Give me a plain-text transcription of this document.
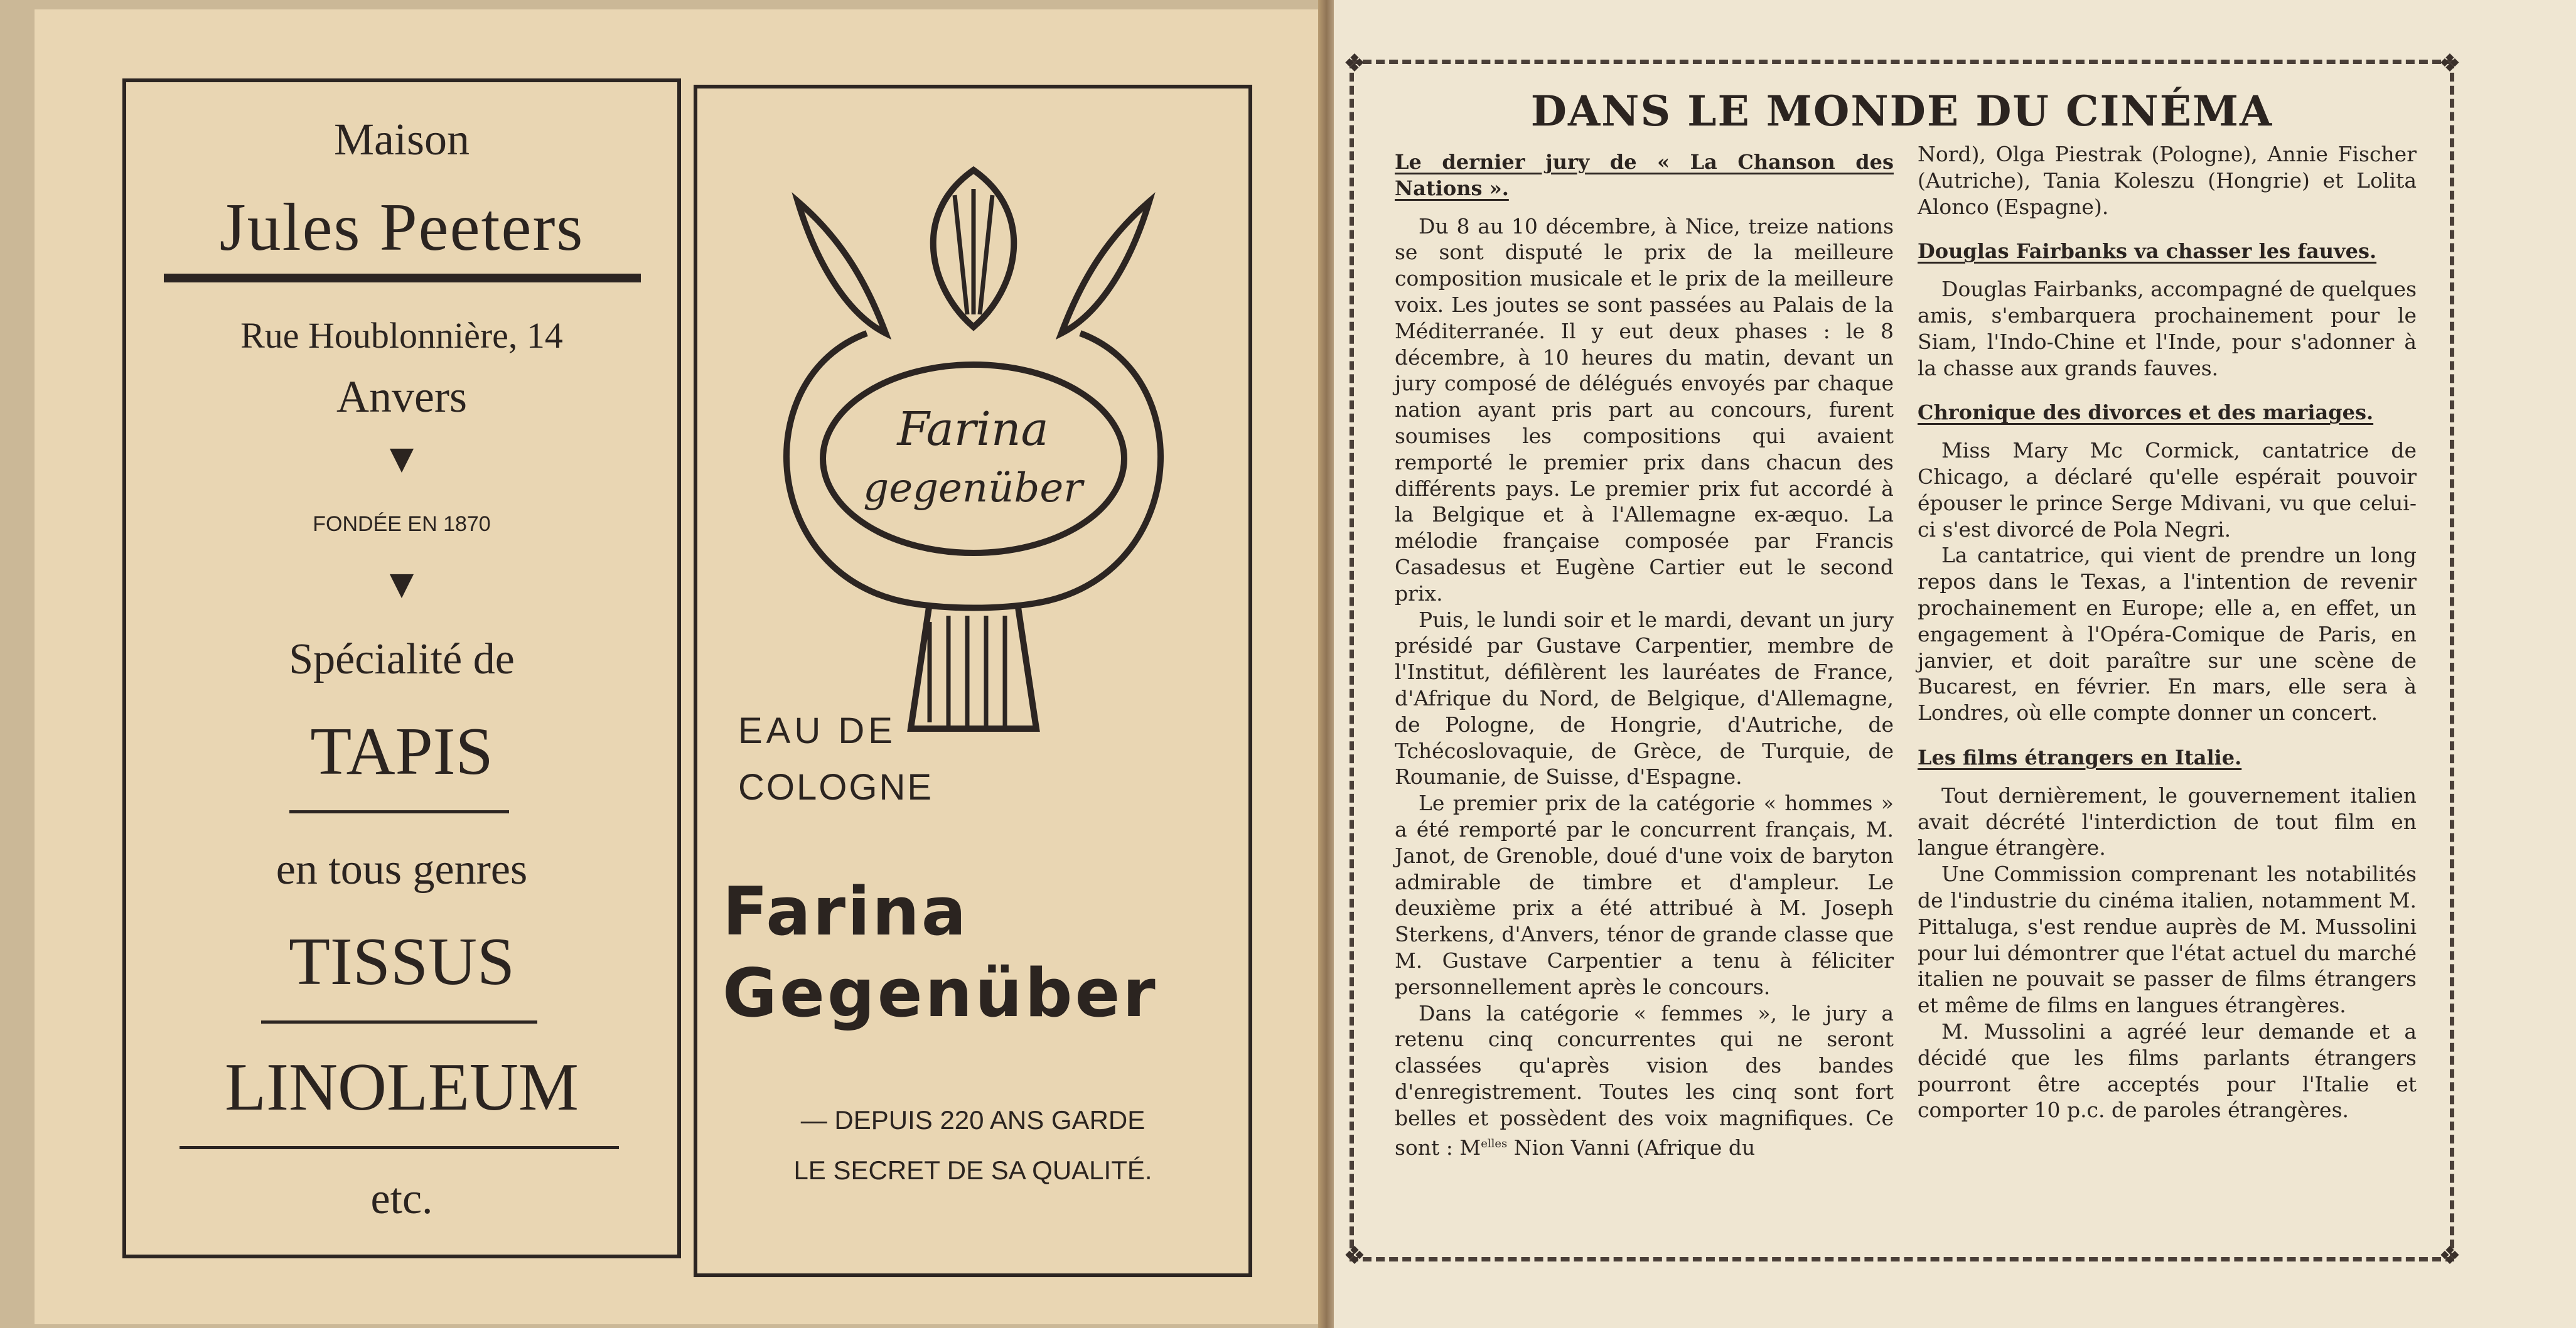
Maison
Jules Peeters
Rue Houblonnière, 14
Anvers
▼
FONDÉE EN 1870
▼
Spécialité de
TAPIS
en tous genres
TISSUS
LINOLEUM
etc.
Farina
gegenüber
EAU DE
COLOGNE
Farina
Gegenüber
— DEPUIS 220 ANS GARDE
LE SECRET DE SA QUALITÉ.
❖	❖
❖	❖
DANS LE MONDE DU CINÉMA
Le dernier jury de « La Chanson des Nations ».

Du 8 au 10 décembre, à Nice, treize nations se sont disputé le prix de la meilleure composition musicale et le prix de la meilleure voix. Les joutes se sont passées au Palais de la Méditerranée. Il y eut deux phases : le 8 décembre, à 10 heures du matin, devant un jury composé de délégués envoyés par chaque nation ayant pris part au concours, furent soumises les compositions qui avaient remporté le premier prix dans chacun des différents pays. Le premier prix fut accordé à la Belgique et à l'Allemagne ex-æquo. La mélodie française composée par Francis Casadesus et Eugène Cartier eut le second prix.

Puis, le lundi soir et le mardi, devant un jury présidé par Gustave Carpentier, membre de l'Institut, défilèrent les lauréates de France, d'Afrique du Nord, de Belgique, d'Allemagne, de Pologne, de Hongrie, d'Autriche, de Tchécoslovaquie, de Grèce, de Turquie, de Roumanie, de Suisse, d'Espagne.

Le premier prix de la catégorie « hommes » a été remporté par le concurrent français, M. Janot, de Grenoble, doué d'une voix de baryton admirable de timbre et d'ampleur. Le deuxième prix a été attribué à M. Joseph Sterkens, d'Anvers, ténor de grande classe que M. Gustave Carpentier a tenu à féliciter personnellement après le concours.

Dans la catégorie « femmes », le jury a retenu cinq concurrentes qui ne seront classées qu'après vision des bandes d'enregistrement. Toutes les cinq sont fort belles et possèdent des voix magnifiques. Ce sont : $M^{elles}$ Nion Vanni (Afrique du

Nord), Olga Piestrak (Pologne), Annie Fischer (Autriche), Tania Koleszu (Hongrie) et Lolita Alonco (Espagne).

Douglas Fairbanks va chasser les fauves.

Douglas Fairbanks, accompagné de quelques amis, s'embarquera prochainement pour le Siam, l'Indo-Chine et l'Inde, pour s'adonner à la chasse aux grands fauves.

Chronique des divorces et des mariages.

Miss Mary Mc Cormick, cantatrice de Chicago, a déclaré qu'elle espérait pouvoir épouser le prince Serge Mdivani, vu que celui-ci s'est divorcé de Pola Negri.

La cantatrice, qui vient de prendre un long repos dans le Texas, a l'intention de revenir prochainement en Europe; elle a, en effet, un engagement à l'Opéra-Comique de Paris, en janvier, et doit paraître sur une scène de Bucarest, en février. En mars, elle sera à Londres, où elle compte donner un concert.

Les films étrangers en Italie.

Tout dernièrement, le gouvernement italien avait décrété l'interdiction de tout film en langue étrangère.

Une Commission comprenant les notabilités de l'industrie du cinéma italien, notamment M. Pittaluga, s'est rendue auprès de M. Mussolini pour lui démontrer que l'état actuel du marché italien ne pouvait se passer de films étrangers et même de films en langues étrangères.

M. Mussolini a agréé leur demande et a décidé que les films parlants étrangers pourront être acceptés pour l'Italie et comporter 10 p.c. de paroles étrangères.
